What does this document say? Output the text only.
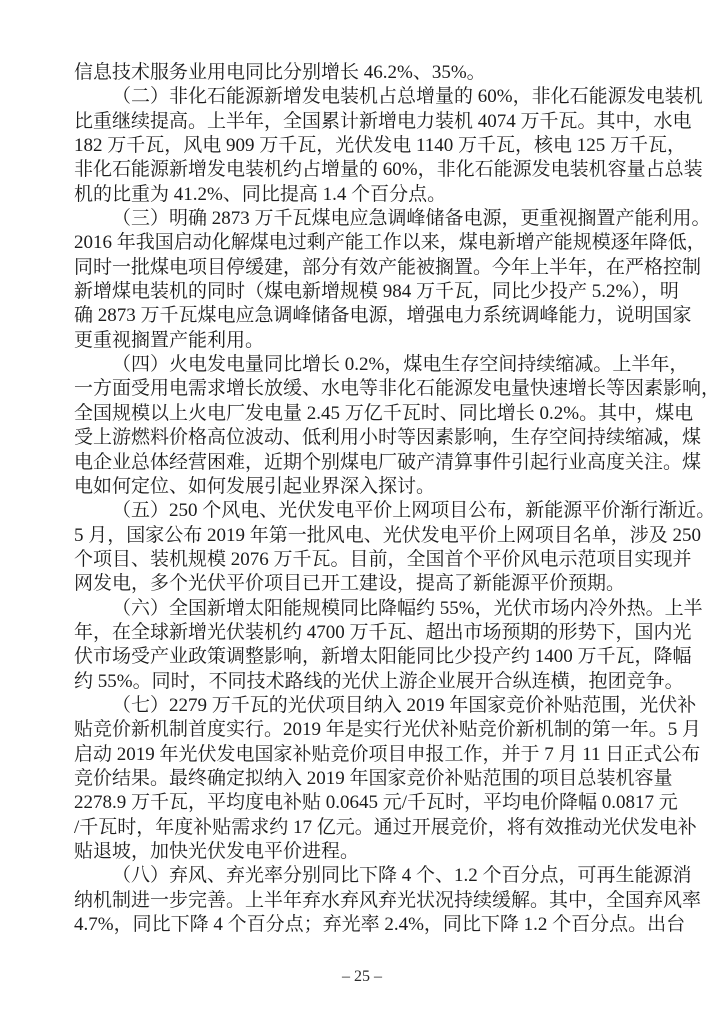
信息技术服务业用电同比分别增长 46.2%、35%。
（二）非化石能源新增发电装机占总增量的 60%，非化石能源发电装机
比重继续提高。上半年，全国累计新增电力装机 4074 万千瓦。其中，水电
182 万千瓦，风电 909 万千瓦，光伏发电 1140 万千瓦，核电 125 万千瓦，
非化石能源新增发电装机约占增量的 60%，非化石能源发电装机容量占总装
机的比重为 41.2%、同比提高 1.4 个百分点。
（三）明确 2873 万千瓦煤电应急调峰储备电源，更重视搁置产能利用。
2016 年我国启动化解煤电过剩产能工作以来，煤电新增产能规模逐年降低，
同时一批煤电项目停缓建，部分有效产能被搁置。今年上半年，在严格控制
新增煤电装机的同时（煤电新增规模 984 万千瓦，同比少投产 5.2%），明
确 2873 万千瓦煤电应急调峰储备电源，增强电力系统调峰能力，说明国家
更重视搁置产能利用。
（四）火电发电量同比增长 0.2%，煤电生存空间持续缩减。上半年，
一方面受用电需求增长放缓、水电等非化石能源发电量快速增长等因素影响，
全国规模以上火电厂发电量 2.45 万亿千瓦时、同比增长 0.2%。其中，煤电
受上游燃料价格高位波动、低利用小时等因素影响，生存空间持续缩减，煤
电企业总体经营困难，近期个别煤电厂破产清算事件引起行业高度关注。煤
电如何定位、如何发展引起业界深入探讨。
（五）250 个风电、光伏发电平价上网项目公布，新能源平价渐行渐近。
5 月，国家公布 2019 年第一批风电、光伏发电平价上网项目名单，涉及 250
个项目、装机规模 2076 万千瓦。目前，全国首个平价风电示范项目实现并
网发电，多个光伏平价项目已开工建设，提高了新能源平价预期。
（六）全国新增太阳能规模同比降幅约 55%，光伏市场内冷外热。上半
年，在全球新增光伏装机约 4700 万千瓦、超出市场预期的形势下，国内光
伏市场受产业政策调整影响，新增太阳能同比少投产约 1400 万千瓦，降幅
约 55%。同时，不同技术路线的光伏上游企业展开合纵连横，抱团竞争。
（七）2279 万千瓦的光伏项目纳入 2019 年国家竞价补贴范围，光伏补
贴竞价新机制首度实行。2019 年是实行光伏补贴竞价新机制的第一年。5 月
启动 2019 年光伏发电国家补贴竞价项目申报工作，并于 7 月 11 日正式公布
竞价结果。最终确定拟纳入 2019 年国家竞价补贴范围的项目总装机容量
2278.9 万千瓦，平均度电补贴 0.0645 元/千瓦时，平均电价降幅 0.0817 元
/千瓦时，年度补贴需求约 17 亿元。通过开展竞价，将有效推动光伏发电补
贴退坡，加快光伏发电平价进程。
（八）弃风、弃光率分别同比下降 4 个、1.2 个百分点，可再生能源消
纳机制进一步完善。上半年弃水弃风弃光状况持续缓解。其中，全国弃风率
4.7%，同比下降 4 个百分点；弃光率 2.4%，同比下降 1.2 个百分点。出台
– 25 –
